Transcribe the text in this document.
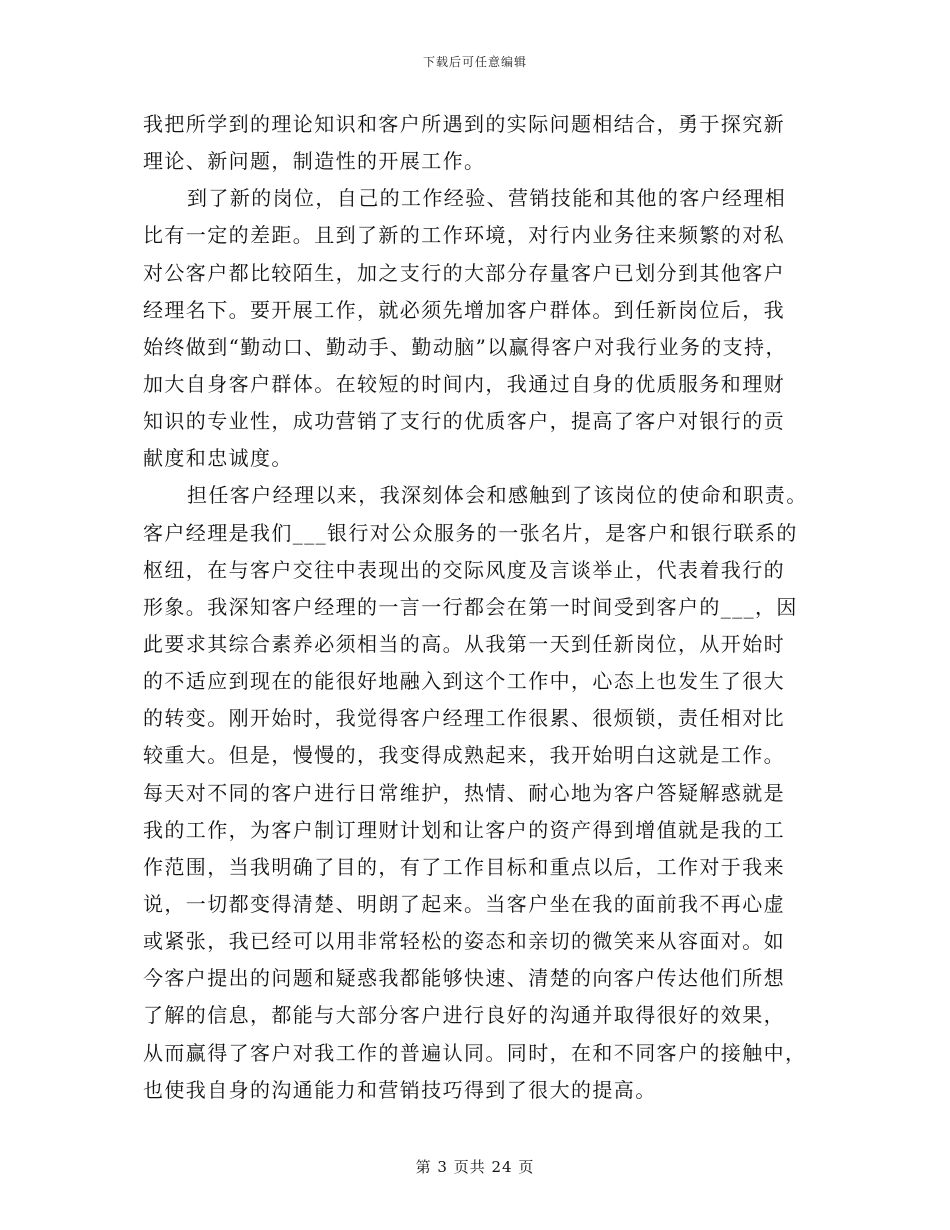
下载后可任意编辑
我把所学到的理论知识和客户所遇到的实际问题相结合，勇于探究新
理论、新问题，制造性的开展工作。
到了新的岗位，自己的工作经验、营销技能和其他的客户经理相
比有一定的差距。且到了新的工作环境，对行内业务往来频繁的对私
对公客户都比较陌生，加之支行的大部分存量客户已划分到其他客户
经理名下。要开展工作，就必须先增加客户群体。到任新岗位后，我
始终做到“勤动口、勤动手、勤动脑”以赢得客户对我行业务的支持，
加大自身客户群体。在较短的时间内，我通过自身的优质服务和理财
知识的专业性，成功营销了支行的优质客户，提高了客户对银行的贡
献度和忠诚度。
担任客户经理以来，我深刻体会和感触到了该岗位的使命和职责。
客户经理是我们___银行对公众服务的一张名片，是客户和银行联系的
枢纽，在与客户交往中表现出的交际风度及言谈举止，代表着我行的
形象。我深知客户经理的一言一行都会在第一时间受到客户的___，因
此要求其综合素养必须相当的高。从我第一天到任新岗位，从开始时
的不适应到现在的能很好地融入到这个工作中，心态上也发生了很大
的转变。刚开始时，我觉得客户经理工作很累、很烦锁，责任相对比
较重大。但是，慢慢的，我变得成熟起来，我开始明白这就是工作。
每天对不同的客户进行日常维护，热情、耐心地为客户答疑解惑就是
我的工作，为客户制订理财计划和让客户的资产得到增值就是我的工
作范围，当我明确了目的，有了工作目标和重点以后，工作对于我来
说，一切都变得清楚、明朗了起来。当客户坐在我的面前我不再心虚
或紧张，我已经可以用非常轻松的姿态和亲切的微笑来从容面对。如
今客户提出的问题和疑惑我都能够快速、清楚的向客户传达他们所想
了解的信息，都能与大部分客户进行良好的沟通并取得很好的效果，
从而赢得了客户对我工作的普遍认同。同时，在和不同客户的接触中，
也使我自身的沟通能力和营销技巧得到了很大的提高。
第 3 页共 24 页
